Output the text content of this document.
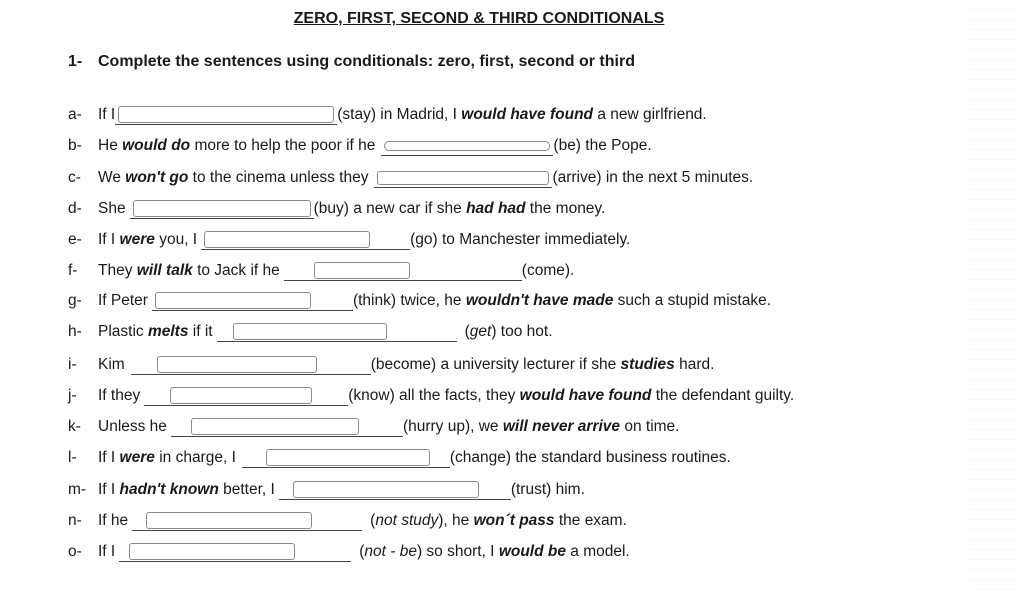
ZERO, FIRST, SECOND & THIRD CONDITIONALS
1- Complete the sentences using conditionals: zero, first, second or third
a-	If I	(stay) in Madrid, I would have found a new girlfriend.
b-	He would do more to help the poor if he	(be) the Pope.
c-	We won't go to the cinema unless they	(arrive) in the next 5 minutes.
d-	She	(buy) a new car if she had had the money.
e-	If I were you, I	(go) to Manchester immediately.
f-	They will talk to Jack if he	(come).
g-	If Peter	(think) twice, he wouldn't have made such a stupid mistake.
h-	Plastic melts if it	( get ) too hot.
i-	Kim	(become) a university lecturer if she studies hard.
j-	If they	(know) all the facts, they would have found the defendant guilty.
k-	Unless he	(hurry up), we will never arrive on time.
l-	If I were in charge, I	(change) the standard business routines.
m- If I hadn't known better, I	(trust) him.
n-	If he	( not study ), he won´t pass the exam.
o-	If I	( not - be ) so short, I would be a model.
